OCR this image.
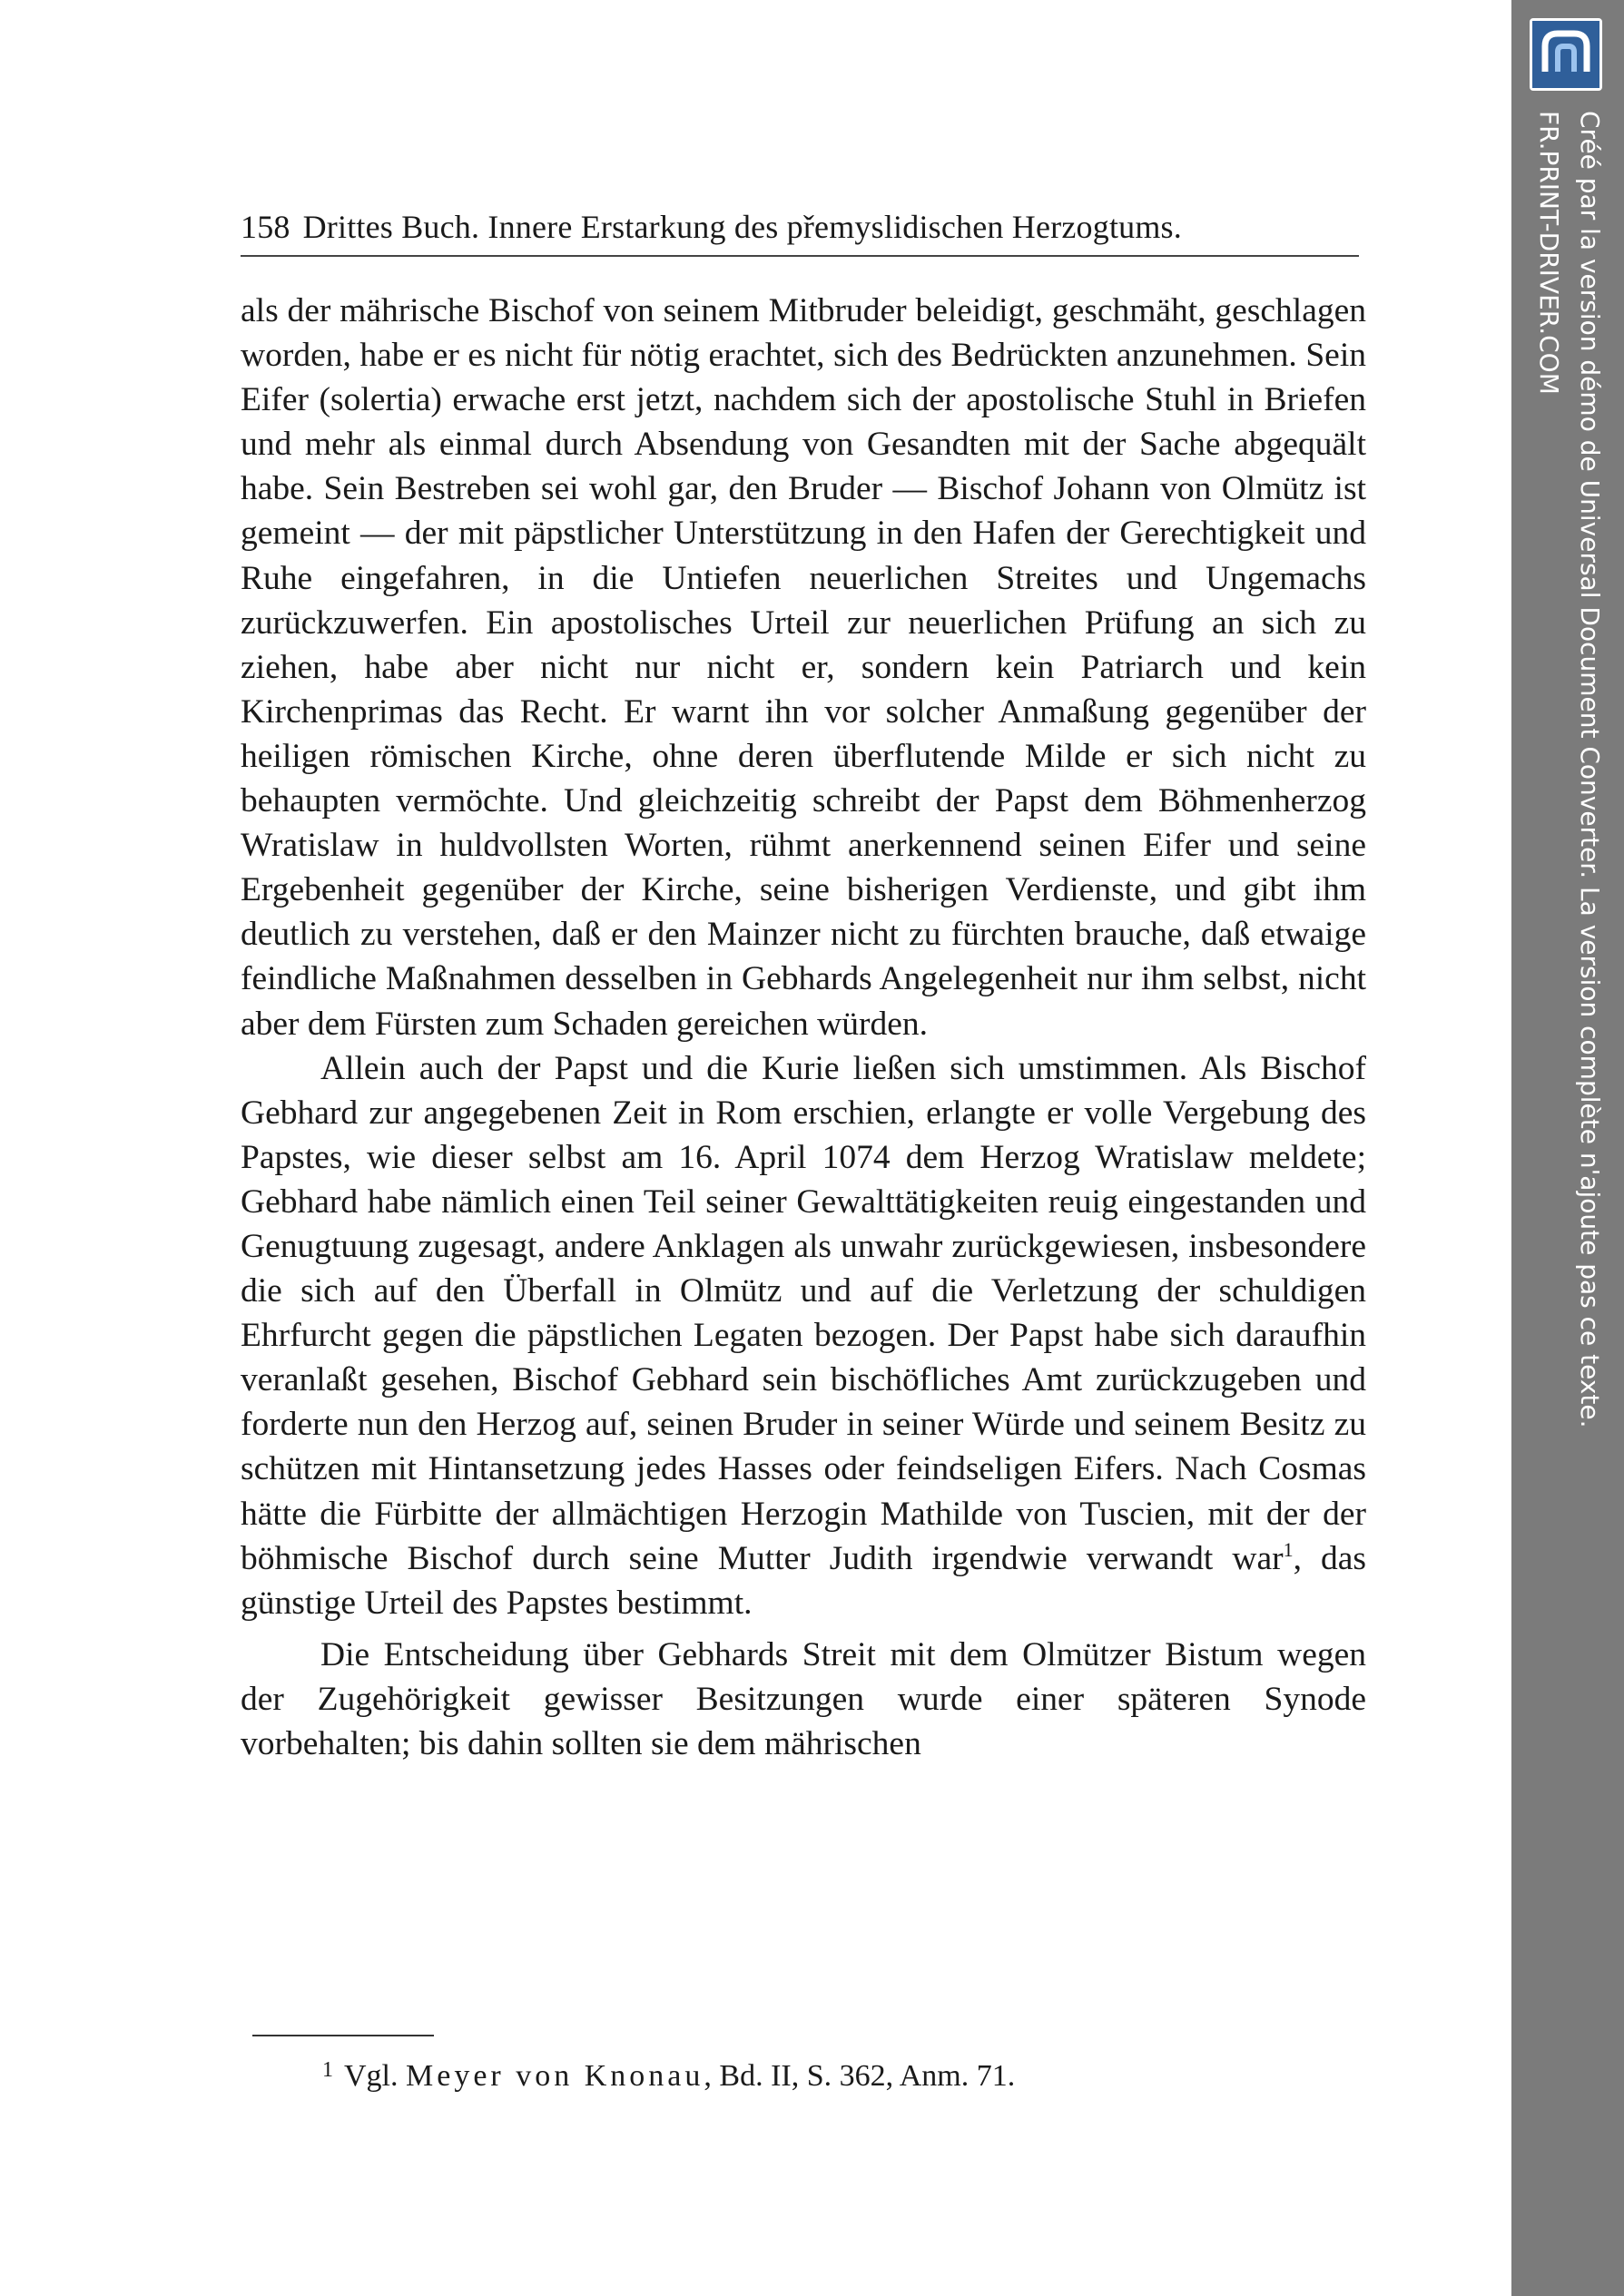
158 Drittes Buch. Innere Erstarkung des přemyslidischen Herzogtums.

als der mährische Bischof von seinem Mitbruder beleidigt, geschmäht, geschlagen worden, habe er es nicht für nötig erachtet, sich des Bedrückten anzunehmen. Sein Eifer (solertia) erwache erst jetzt, nachdem sich der apostolische Stuhl in Briefen und mehr als einmal durch Absendung von Gesandten mit der Sache abgequält habe. Sein Bestreben sei wohl gar, den Bruder — Bischof Johann von Olmütz ist gemeint — der mit päpstlicher Unterstützung in den Hafen der Gerechtigkeit und Ruhe eingefahren, in die Untiefen neuerlichen Streites und Ungemachs zurückzuwerfen. Ein apostolisches Urteil zur neuerlichen Prüfung an sich zu ziehen, habe aber nicht nur nicht er, sondern kein Patriarch und kein Kirchenprimas das Recht. Er warnt ihn vor solcher Anmaßung gegenüber der heiligen römischen Kirche, ohne deren überflutende Milde er sich nicht zu behaupten vermöchte. Und gleichzeitig schreibt der Papst dem Böhmenherzog Wratislaw in huldvollsten Worten, rühmt anerkennend seinen Eifer und seine Ergebenheit gegenüber der Kirche, seine bisherigen Verdienste, und gibt ihm deutlich zu verstehen, daß er den Mainzer nicht zu fürchten brauche, daß etwaige feindliche Maßnahmen desselben in Gebhards Angelegenheit nur ihm selbst, nicht aber dem Fürsten zum Schaden gereichen würden.

Allein auch der Papst und die Kurie ließen sich umstimmen. Als Bischof Gebhard zur angegebenen Zeit in Rom erschien, erlangte er volle Vergebung des Papstes, wie dieser selbst am 16. April 1074 dem Herzog Wratislaw meldete; Gebhard habe nämlich einen Teil seiner Gewalttätigkeiten reuig eingestanden und Genugtuung zugesagt, andere Anklagen als unwahr zurückgewiesen, insbesondere die sich auf den Überfall in Olmütz und auf die Verletzung der schuldigen Ehrfurcht gegen die päpstlichen Legaten bezogen. Der Papst habe sich daraufhin veranlaßt gesehen, Bischof Gebhard sein bischöfliches Amt zurückzugeben und forderte nun den Herzog auf, seinen Bruder in seiner Würde und seinem Besitz zu schützen mit Hintansetzung jedes Hasses oder feindseligen Eifers. Nach Cosmas hätte die Fürbitte der allmächtigen Herzogin Mathilde von Tuscien, mit der der böhmische Bischof durch seine Mutter Judith irgendwie verwandt war$^1$, das günstige Urteil des Papstes bestimmt.

Die Entscheidung über Gebhards Streit mit dem Olmützer Bistum wegen der Zugehörigkeit gewisser Besitzungen wurde einer späteren Synode vorbehalten; bis dahin sollten sie dem mährischen

$^1$ Vgl. Meyer von Knonau, Bd. II, S. 362, Anm. 71.
Créé par la version démo de Universal Document Converter. La version complète n'ajoute pas ce texte.
FR.PRINT-DRIVER.COM
